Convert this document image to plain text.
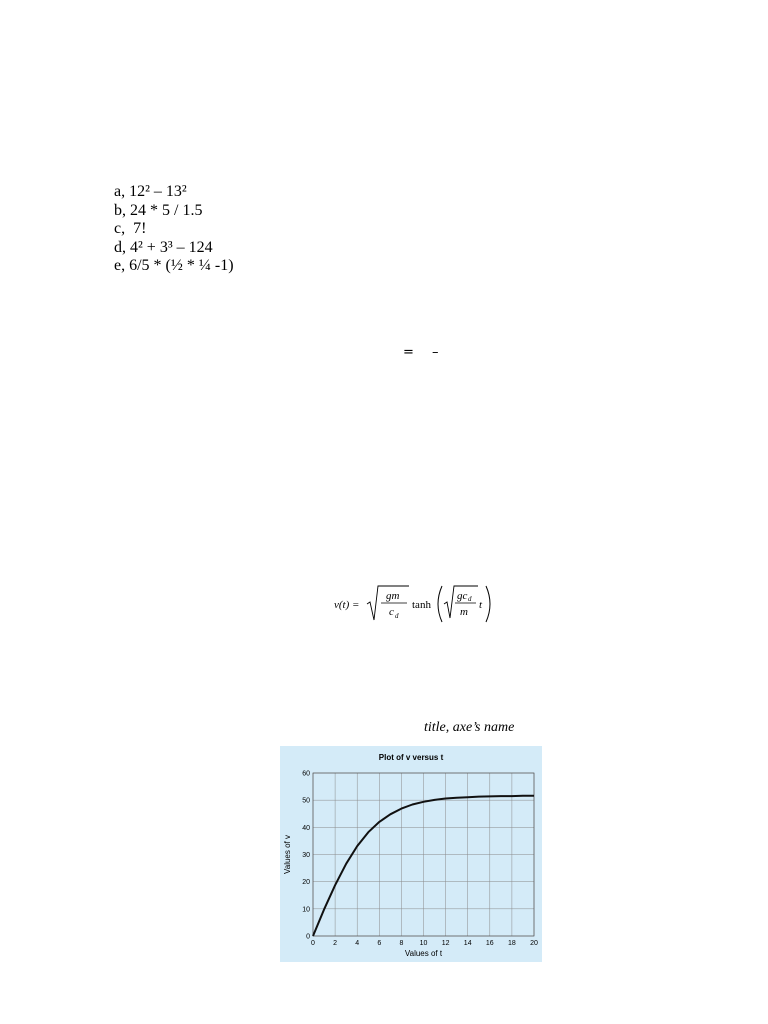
a, 12² – 13²
b, 24 * 5 / 1.5
c,  7!
d, 4² + 3³ – 124
e, 6/5 * (½ * ¼ -1)
= –
v(t) =
gm
c d
tanh
gc d
m
t
title, axe’s name
Plot of v versus t
0	2	4	6	8 10 12 14 16 18 20
0
10
20
30
40
50
60
Values of t
Values of v
